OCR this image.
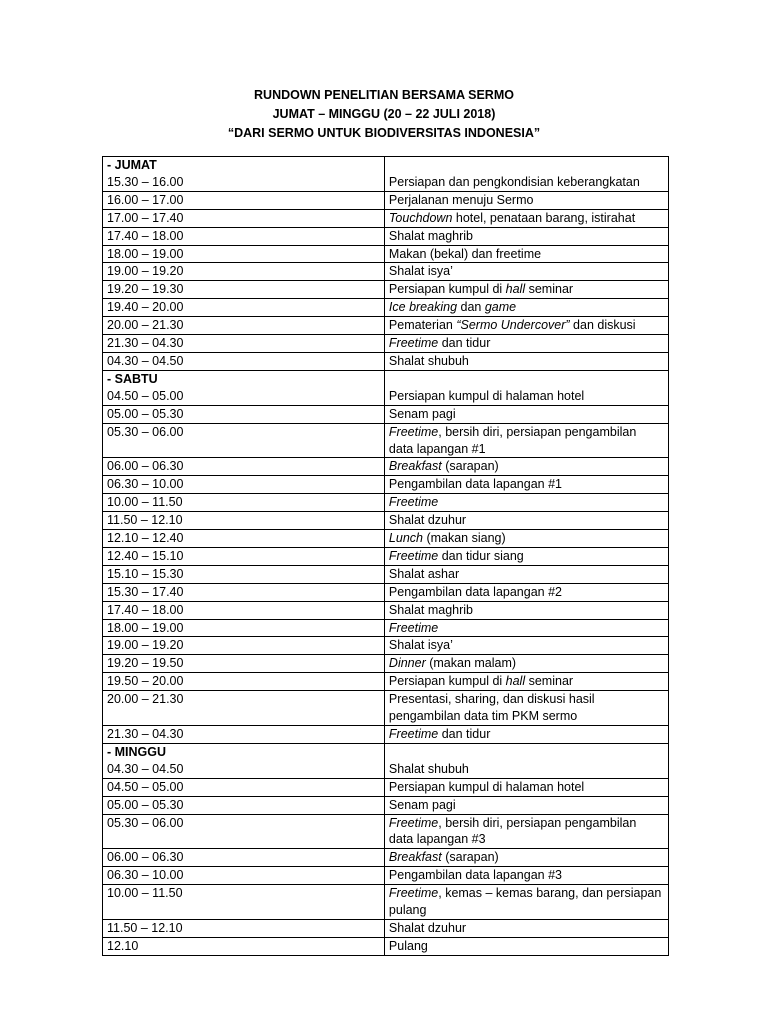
RUNDOWN PENELITIAN BERSAMA SERMO
JUMAT – MINGGU (20 – 22 JULI 2018)
“DARI SERMO UNTUK BIODIVERSITAS INDONESIA”
- JUMAT
15.30 – 16.00	Persiapan dan pengkondisian keberangkatan

16.00 – 17.00	Perjalanan menuju Sermo

17.00 – 17.40	Touchdown hotel, penataan barang, istirahat

17.40 – 18.00	Shalat maghrib

18.00 – 19.00	Makan (bekal) dan freetime

19.00 – 19.20	Shalat isya’

19.20 – 19.30	Persiapan kumpul di hall seminar

19.40 – 20.00	Ice breaking dan game

20.00 – 21.30	Pematerian “Sermo Undercover” dan diskusi

21.30 – 04.30	Freetime dan tidur

04.30 – 04.50	Shalat shubuh

- SABTU
04.50 – 05.00	Persiapan kumpul di halaman hotel

05.00 – 05.30	Senam pagi

05.30 – 06.00	Freetime, bersih diri, persiapan pengambilan data lapangan #1

06.00 – 06.30	Breakfast (sarapan)

06.30 – 10.00	Pengambilan data lapangan #1

10.00 – 11.50	Freetime

11.50 – 12.10	Shalat dzuhur

12.10 – 12.40	Lunch (makan siang)

12.40 – 15.10	Freetime dan tidur siang

15.10 – 15.30	Shalat ashar

15.30 – 17.40	Pengambilan data lapangan #2

17.40 – 18.00	Shalat maghrib

18.00 – 19.00	Freetime

19.00 – 19.20	Shalat isya’

19.20 – 19.50	Dinner (makan malam)

19.50 – 20.00	Persiapan kumpul di hall seminar

20.00 – 21.30	Presentasi, sharing, dan diskusi hasil pengambilan data tim PKM sermo

21.30 – 04.30	Freetime dan tidur

- MINGGU
04.30 – 04.50	Shalat shubuh

04.50 – 05.00	Persiapan kumpul di halaman hotel

05.00 – 05.30	Senam pagi

05.30 – 06.00	Freetime, bersih diri, persiapan pengambilan data lapangan #3

06.00 – 06.30	Breakfast (sarapan)

06.30 – 10.00	Pengambilan data lapangan #3

10.00 – 11.50	Freetime, kemas – kemas barang, dan persiapan pulang

11.50 – 12.10	Shalat dzuhur

12.10	Pulang
